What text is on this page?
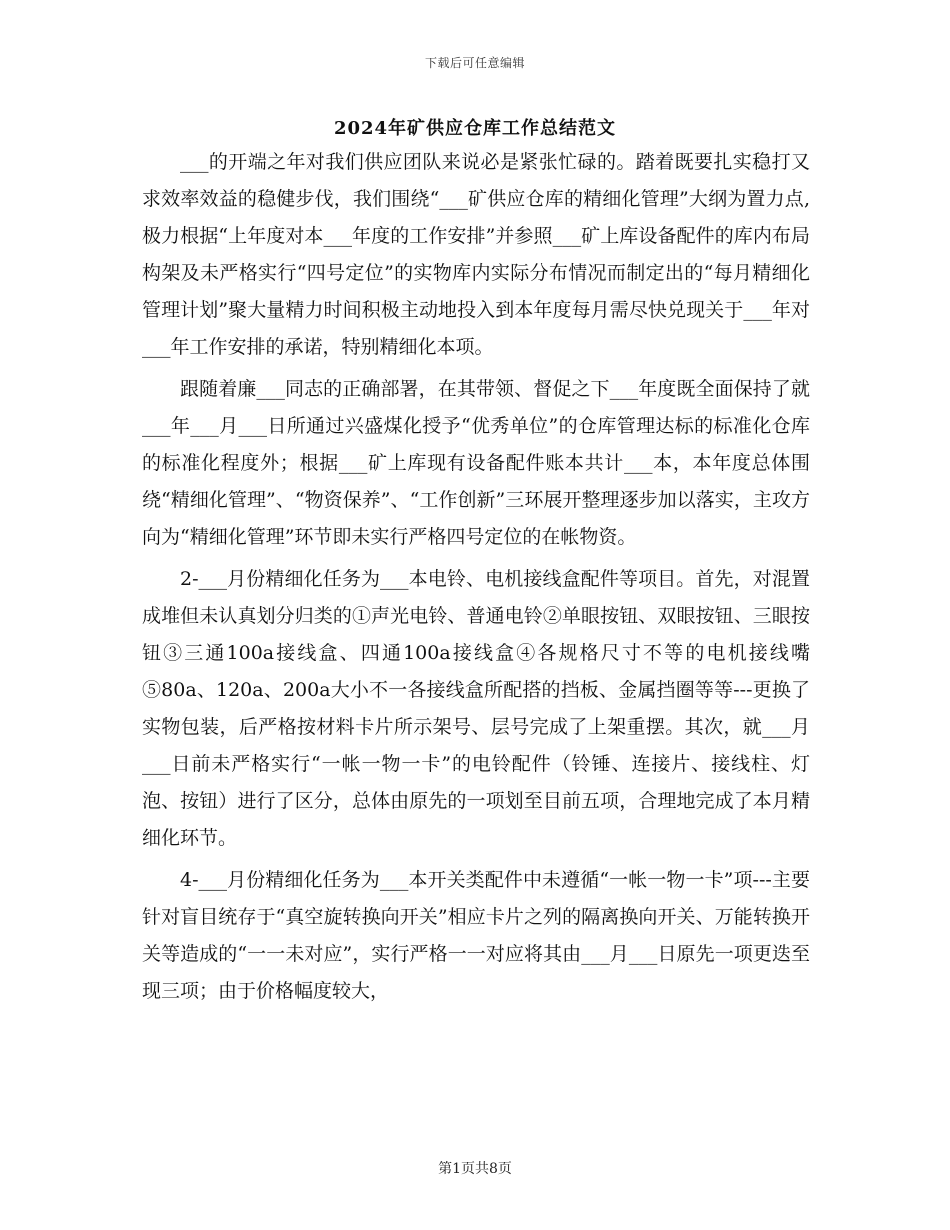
下载后可任意编辑
2024年矿供应仓库工作总结范文

___的开端之年对我们供应团队来说必是紧张忙碌的。踏着既要扎实稳打又求效率效益的稳健步伐，我们围绕“___矿供应仓库的精细化管理”大纲为置力点,极力根据“上年度对本___年度的工作安排”并参照___矿上库设备配件的库内布局构架及未严格实行“四号定位”的实物库内实际分布情况而制定出的“每月精细化管理计划”聚大量精力时间积极主动地投入到本年度每月需尽快兑现关于___年对___年工作安排的承诺，特别精细化本项。

跟随着廉___同志的正确部署，在其带领、督促之下___年度既全面保持了就___年___月___日所通过兴盛煤化授予“优秀单位”的仓库管理达标的标准化仓库的标准化程度外；根据___矿上库现有设备配件账本共计___本，本年度总体围绕“精细化管理”、“物资保养”、“工作创新”三环展开整理逐步加以落实，主攻方向为“精细化管理”环节即未实行严格四号定位的在帐物资。

2-___月份精细化任务为___本电铃、电机接线盒配件等项目。首先，对混置成堆但未认真划分归类的①声光电铃、普通电铃②单眼按钮、双眼按钮、三眼按钮③三通100a接线盒、四通100a接线盒④各规格尺寸不等的电机接线嘴⑤80a、120a、200a大小不一各接线盒所配搭的挡板、金属挡圈等等---更换了实物包装，后严格按材料卡片所示架号、层号完成了上架重摆。其次，就___月___日前未严格实行“一帐一物一卡”的电铃配件（铃锤、连接片、接线柱、灯泡、按钮）进行了区分，总体由原先的一项划至目前五项，合理地完成了本月精细化环节。

4-___月份精细化任务为___本开关类配件中未遵循“一帐一物一卡”项---主要针对盲目统存于“真空旋转换向开关”相应卡片之列的隔离换向开关、万能转换开关等造成的“一一未对应”，实行严格一一对应将其由___月___日原先一项更迭至现三项；由于价格幅度较大，

第1页共8页
